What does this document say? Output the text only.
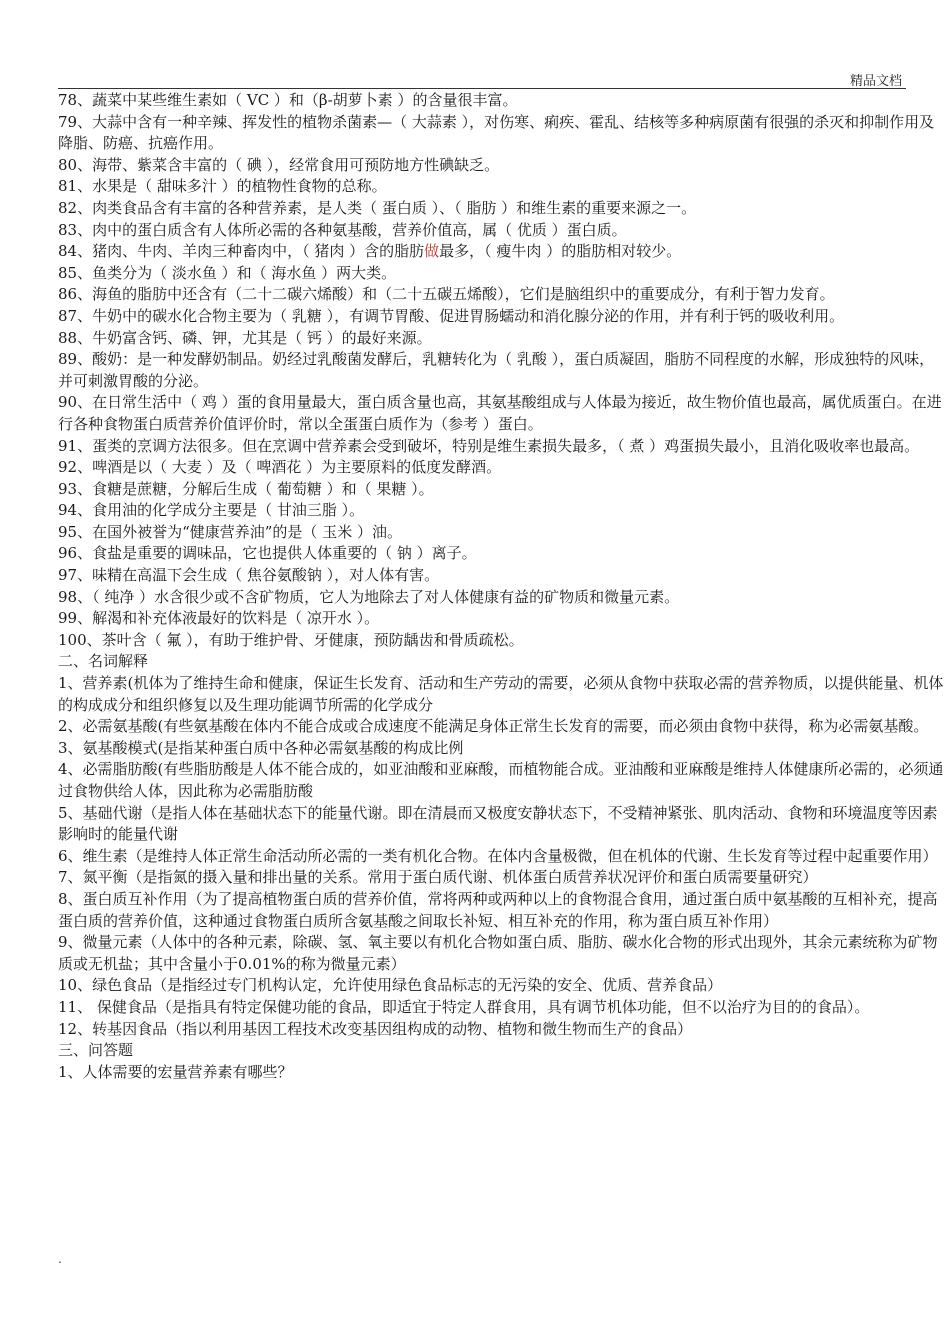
精品文档

78、蔬菜中某些维生素如（ VC ）和（β-胡萝卜素 ）的含量很丰富。

79、大蒜中含有一种辛辣、挥发性的植物杀菌素—（ 大蒜素 ），对伤寒、痢疾、霍乱、结核等多种病原菌有很强的杀灭和抑制作用及降脂、防癌、抗癌作用。

80、海带、紫菜含丰富的（ 碘 ），经常食用可预防地方性碘缺乏。

81、水果是（ 甜味多汁 ）的植物性食物的总称。

82、肉类食品含有丰富的各种营养素，是人类（ 蛋白质 ）、（ 脂肪 ）和维生素的重要来源之一。

83、肉中的蛋白质含有人体所必需的各种氨基酸，营养价值高，属（ 优质 ）蛋白质。

84、猪肉、牛肉、羊肉三种畜肉中，（ 猪肉 ）含的脂肪做最多，（ 瘦牛肉 ）的脂肪相对较少。

85、鱼类分为（ 淡水鱼 ）和（ 海水鱼 ）两大类。

86、海鱼的脂肪中还含有（二十二碳六烯酸）和（二十五碳五烯酸），它们是脑组织中的重要成分，有利于智力发育。

87、牛奶中的碳水化合物主要为（ 乳糖 ），有调节胃酸、促进胃肠蠕动和消化腺分泌的作用，并有利于钙的吸收利用。

88、牛奶富含钙、磷、钾，尤其是（ 钙 ）的最好来源。

89、酸奶：是一种发酵奶制品。奶经过乳酸菌发酵后，乳糖转化为（ 乳酸 ），蛋白质凝固，脂肪不同程度的水解，形成独特的风味，并可刺激胃酸的分泌。

90、在日常生活中（ 鸡 ）蛋的食用量最大，蛋白质含量也高，其氨基酸组成与人体最为接近，故生物价值也最高，属优质蛋白。在进行各种食物蛋白质营养价值评价时，常以全蛋蛋白质作为（参考 ）蛋白。

91、蛋类的烹调方法很多。但在烹调中营养素会受到破坏，特别是维生素损失最多，（ 煮 ）鸡蛋损失最小，且消化吸收率也最高。

92、啤酒是以（ 大麦 ）及（ 啤酒花 ）为主要原料的低度发酵酒。

93、食糖是蔗糖，分解后生成（ 葡萄糖 ）和（ 果糖 ）。

94、食用油的化学成分主要是（ 甘油三脂 ）。

95、在国外被誉为“健康营养油”的是（ 玉米 ）油。

96、食盐是重要的调味品，它也提供人体重要的（ 钠 ）离子。

97、味精在高温下会生成（ 焦谷氨酸钠 ），对人体有害。

98、（ 纯净 ）水含很少或不含矿物质，它人为地除去了对人体健康有益的矿物质和微量元素。

99、解渴和补充体液最好的饮料是（ 凉开水 ）。

100、茶叶含（ 氟 ），有助于维护骨、牙健康，预防龋齿和骨质疏松。

二、名词解释

1、营养素(机体为了维持生命和健康，保证生长发育、活动和生产劳动的需要，必须从食物中获取必需的营养物质，以提供能量、机体的构成成分和组织修复以及生理功能调节所需的化学成分

2、必需氨基酸(有些氨基酸在体内不能合成或合成速度不能满足身体正常生长发育的需要，而必须由食物中获得，称为必需氨基酸。

3、氨基酸模式(是指某种蛋白质中各种必需氨基酸的构成比例

4、必需脂肪酸(有些脂肪酸是人体不能合成的，如亚油酸和亚麻酸，而植物能合成。亚油酸和亚麻酸是维持人体健康所必需的，必须通过食物供给人体，因此称为必需脂肪酸

5、基础代谢（是指人体在基础状态下的能量代谢。即在清晨而又极度安静状态下，不受精神紧张、肌肉活动、食物和环境温度等因素影响时的能量代谢

6、维生素（是维持人体正常生命活动所必需的一类有机化合物。在体内含量极微，但在机体的代谢、生长发育等过程中起重要作用）

7、氮平衡（是指氮的摄入量和排出量的关系。常用于蛋白质代谢、机体蛋白质营养状况评价和蛋白质需要量研究）

8、蛋白质互补作用（为了提高植物蛋白质的营养价值，常将两种或两种以上的食物混合食用，通过蛋白质中氨基酸的互相补充，提高蛋白质的营养价值，这种通过食物蛋白质所含氨基酸之间取长补短、相互补充的作用，称为蛋白质互补作用）

9、微量元素（人体中的各种元素，除碳、氢、氧主要以有机化合物如蛋白质、脂肪、碳水化合物的形式出现外，其余元素统称为矿物质或无机盐；其中含量小于0.01%的称为微量元素）

10、绿色食品（是指经过专门机构认定，允许使用绿色食品标志的无污染的安全、优质、营养食品）

11、 保健食品（是指具有特定保健功能的食品，即适宜于特定人群食用，具有调节机体功能，但不以治疗为目的的食品）。

12、转基因食品（指以利用基因工程技术改变基因组构成的动物、植物和微生物而生产的食品）

三、问答题

1、人体需要的宏量营养素有哪些？

.
